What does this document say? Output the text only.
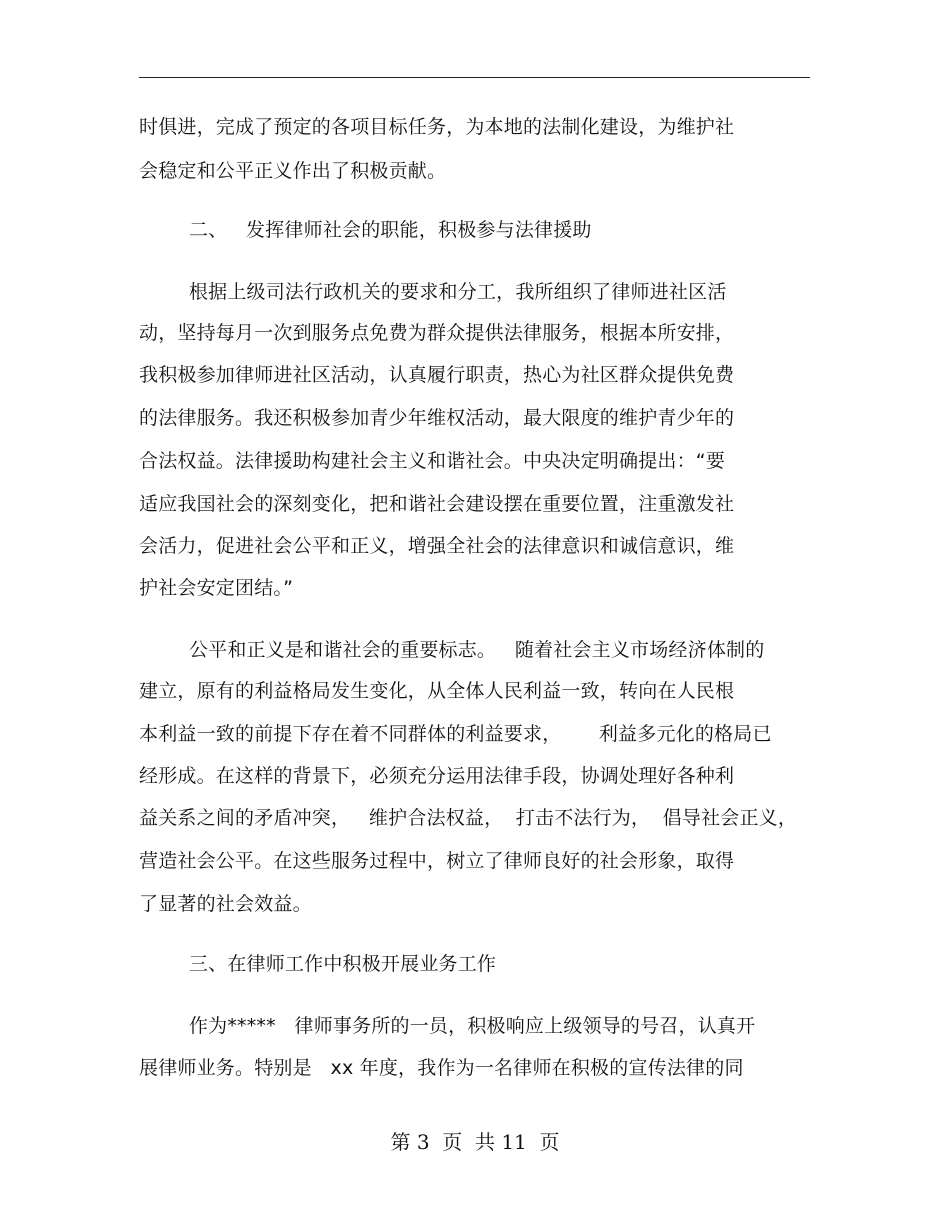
时俱进，完成了预定的各项目标任务，为本地的法制化建设，为维护社
会稳定和公平正义作出了积极贡献。
二、   发挥律师社会的职能，积极参与法律援助
根据上级司法行政机关的要求和分工，我所组织了律师进社区活
动，坚持每月一次到服务点免费为群众提供法律服务，根据本所安排，
我积极参加律师进社区活动，认真履行职责，热心为社区群众提供免费
的法律服务。我还积极参加青少年维权活动，最大限度的维护青少年的
合法权益。法律援助构建社会主义和谐社会。中央决定明确提出：“要
适应我国社会的深刻变化，把和谐社会建设摆在重要位置，注重激发社
会活力，促进社会公平和正义，增强全社会的法律意识和诚信意识，维
护社会安定团结。”
公平和正义是和谐社会的重要标志。   随着社会主义市场经济体制的
建立，原有的利益格局发生变化，从全体人民利益一致，转向在人民根
本利益一致的前提下存在着不同群体的利益要求，      利益多元化的格局已
经形成。在这样的背景下，必须充分运用法律手段，协调处理好各种利
益关系之间的矛盾冲突，   维护合法权益，  打击不法行为，  倡导社会正义，
营造社会公平。在这些服务过程中，树立了律师良好的社会形象，取得
了显著的社会效益。
三、在律师工作中积极开展业务工作
作为*****   律师事务所的一员，积极响应上级领导的号召，认真开
展律师业务。特别是   xx 年度，我作为一名律师在积极的宣传法律的同
第 3  页  共 11  页
